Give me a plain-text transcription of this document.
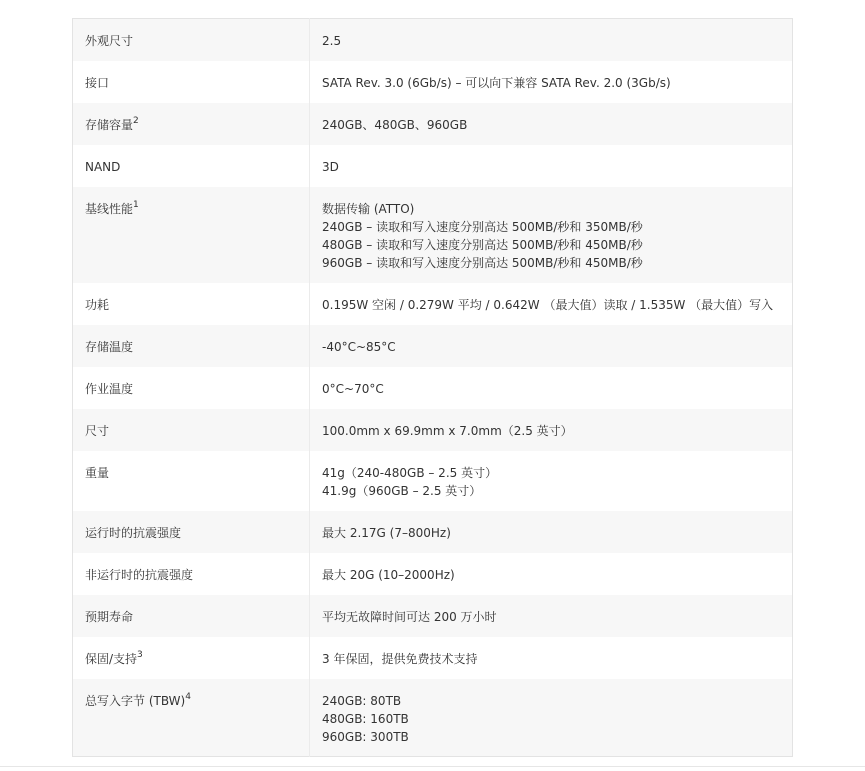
外观尺寸	2.5

接口	SATA Rev. 3.0 (6Gb/s) – 可以向下兼容 SATA Rev. 2.0 (3Gb/s)

存储容量$^2$	240GB、480GB、960GB

NAND	3D

基线性能$^1$	数据传输 (ATTO)
240GB – 读取和写入速度分别高达 500MB/秒和 350MB/秒
480GB – 读取和写入速度分别高达 500MB/秒和 450MB/秒
960GB – 读取和写入速度分别高达 500MB/秒和 450MB/秒

功耗	0.195W 空闲 / 0.279W 平均 / 0.642W （最大值）读取 / 1.535W （最大值）写入

存储温度	-40°C~85°C

作业温度	0°C~70°C

尺寸	100.0mm x 69.9mm x 7.0mm（2.5 英寸）

重量	41g（240-480GB – 2.5 英寸）
41.9g（960GB – 2.5 英寸）

运行时的抗震强度	最大 2.17G (7–800Hz)

非运行时的抗震强度	最大 20G (10–2000Hz)

预期寿命	平均无故障时间可达 200 万小时

保固/支持$^3$	3 年保固，提供免费技术支持

总写入字节 (TBW)$^4$	240GB: 80TB
480GB: 160TB
960GB: 300TB
